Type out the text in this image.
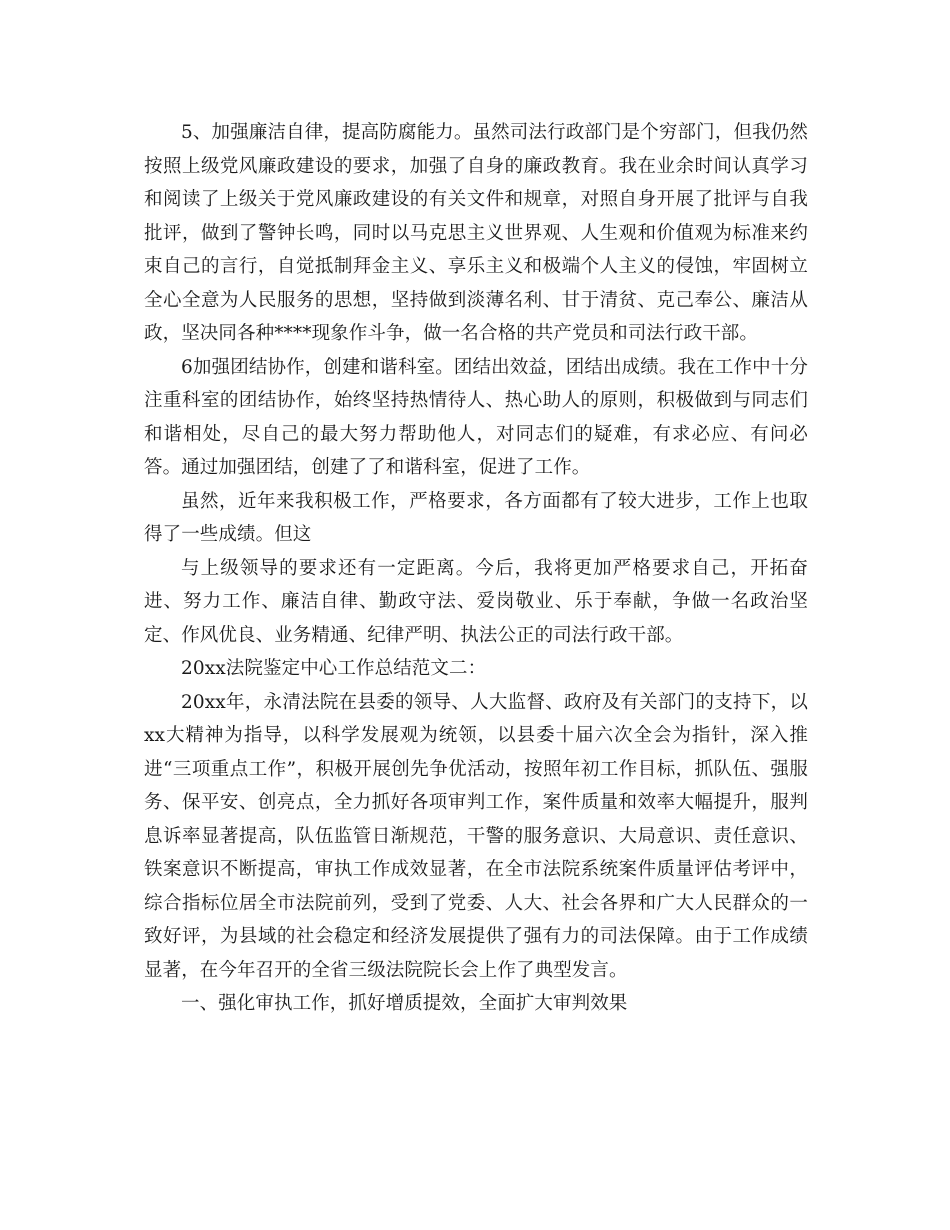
5、加强廉洁自律，提高防腐能力。虽然司法行政部门是个穷部门，但我仍然按照上级党风廉政建设的要求，加强了自身的廉政教育。我在业余时间认真学习和阅读了上级关于党风廉政建设的有关文件和规章，对照自身开展了批评与自我批评，做到了警钟长鸣，同时以马克思主义世界观、人生观和价值观为标准来约束自己的言行，自觉抵制拜金主义、享乐主义和极端个人主义的侵蚀，牢固树立全心全意为人民服务的思想，坚持做到淡薄名利、甘于清贫、克己奉公、廉洁从政，坚决同各种****现象作斗争，做一名合格的共产党员和司法行政干部。

6加强团结协作，创建和谐科室。团结出效益，团结出成绩。我在工作中十分注重科室的团结协作，始终坚持热情待人、热心助人的原则，积极做到与同志们和谐相处，尽自己的最大努力帮助他人，对同志们的疑难，有求必应、有问必答。通过加强团结，创建了了和谐科室，促进了工作。

虽然，近年来我积极工作，严格要求，各方面都有了较大进步，工作上也取得了一些成绩。但这

与上级领导的要求还有一定距离。今后，我将更加严格要求自己，开拓奋进、努力工作、廉洁自律、勤政守法、爱岗敬业、乐于奉献，争做一名政治坚定、作风优良、业务精通、纪律严明、执法公正的司法行政干部。

20xx法院鉴定中心工作总结范文二：

20xx年，永清法院在县委的领导、人大监督、政府及有关部门的支持下，以xx大精神为指导，以科学发展观为统领，以县委十届六次全会为指针，深入推进“三项重点工作”，积极开展创先争优活动，按照年初工作目标，抓队伍、强服务、保平安、创亮点，全力抓好各项审判工作，案件质量和效率大幅提升，服判息诉率显著提高，队伍监管日渐规范，干警的服务意识、大局意识、责任意识、铁案意识不断提高，审执工作成效显著，在全市法院系统案件质量评估考评中，综合指标位居全市法院前列，受到了党委、人大、社会各界和广大人民群众的一致好评，为县域的社会稳定和经济发展提供了强有力的司法保障。由于工作成绩显著，在今年召开的全省三级法院院长会上作了典型发言。

一、强化审执工作，抓好增质提效，全面扩大审判效果
